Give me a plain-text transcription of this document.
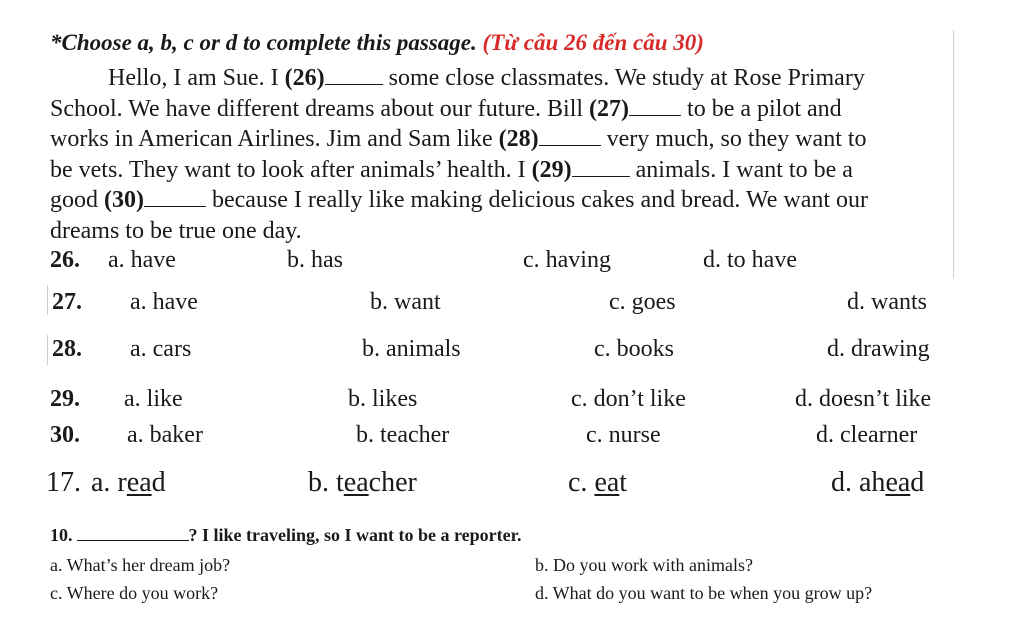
*Choose a, b, c or d to complete this passage. (Từ câu 26 đến câu 30)
Hello, I am Sue. I (26) some close classmates. We study at Rose Primary
School. We have different dreams about our future. Bill (27) to be a pilot and
works in American Airlines. Jim and Sam like (28)	very much, so they want to
be vets. They want to look after animals’ health. I (29) animals. I want to be a
good (30)	because I really like making delicious cakes and bread. We want our
dreams to be true one day.
26. a. have	b. has	c. having	d. to have
27. a. have	b. want	c. goes	d. wants
28. a. cars	b. animals	c. books	d. drawing
29. a. like	b. likes	c. don’t like	d. doesn’t like
30. a. baker	b. teacher	c. nurse	d. clearner
17. a. read	b. teacher	c. eat	d. ahead
10.	? I like traveling, so I want to be a reporter.
a. What’s her dream job?	b. Do you work with animals?
c. Where do you work?	d. What do you want to be when you grow up?
